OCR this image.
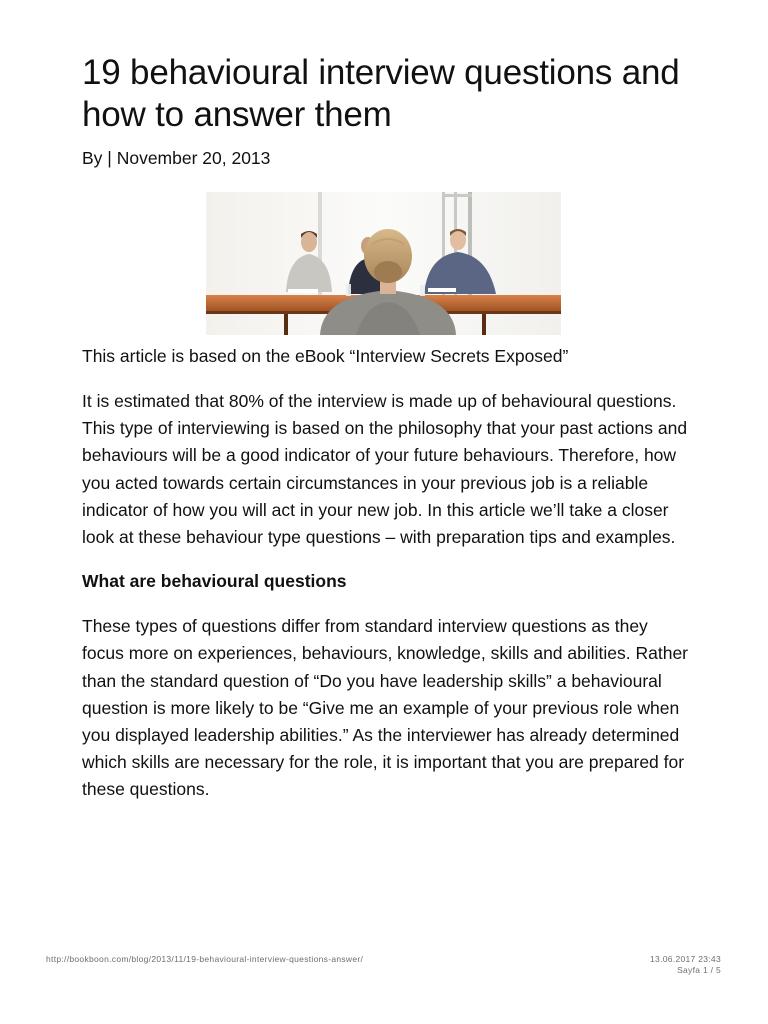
19 behavioural interview questions and how to answer them
By | November 20, 2013

This article is based on the eBook “Interview Secrets Exposed”

It is estimated that 80% of the interview is made up of behavioural questions. This type of interviewing is based on the philosophy that your past actions and behaviours will be a good indicator of your future behaviours. Therefore, how you acted towards certain circumstances in your previous job is a reliable indicator of how you will act in your new job. In this article we’ll take a closer look at these behaviour type questions – with preparation tips and examples.

What are behavioural questions

These types of questions differ from standard interview questions as they focus more on experiences, behaviours, knowledge, skills and abilities. Rather than the standard question of “Do you have leadership skills” a behavioural question is more likely to be “Give me an example of your previous role when you displayed leadership abilities.” As the interviewer has already determined which skills are necessary for the role, it is important that you are prepared for these questions.

http://bookboon.com/blog/2013/11/19-behavioural-interview-questions-answer/	13.06.2017 23:43
Sayfa 1 / 5
